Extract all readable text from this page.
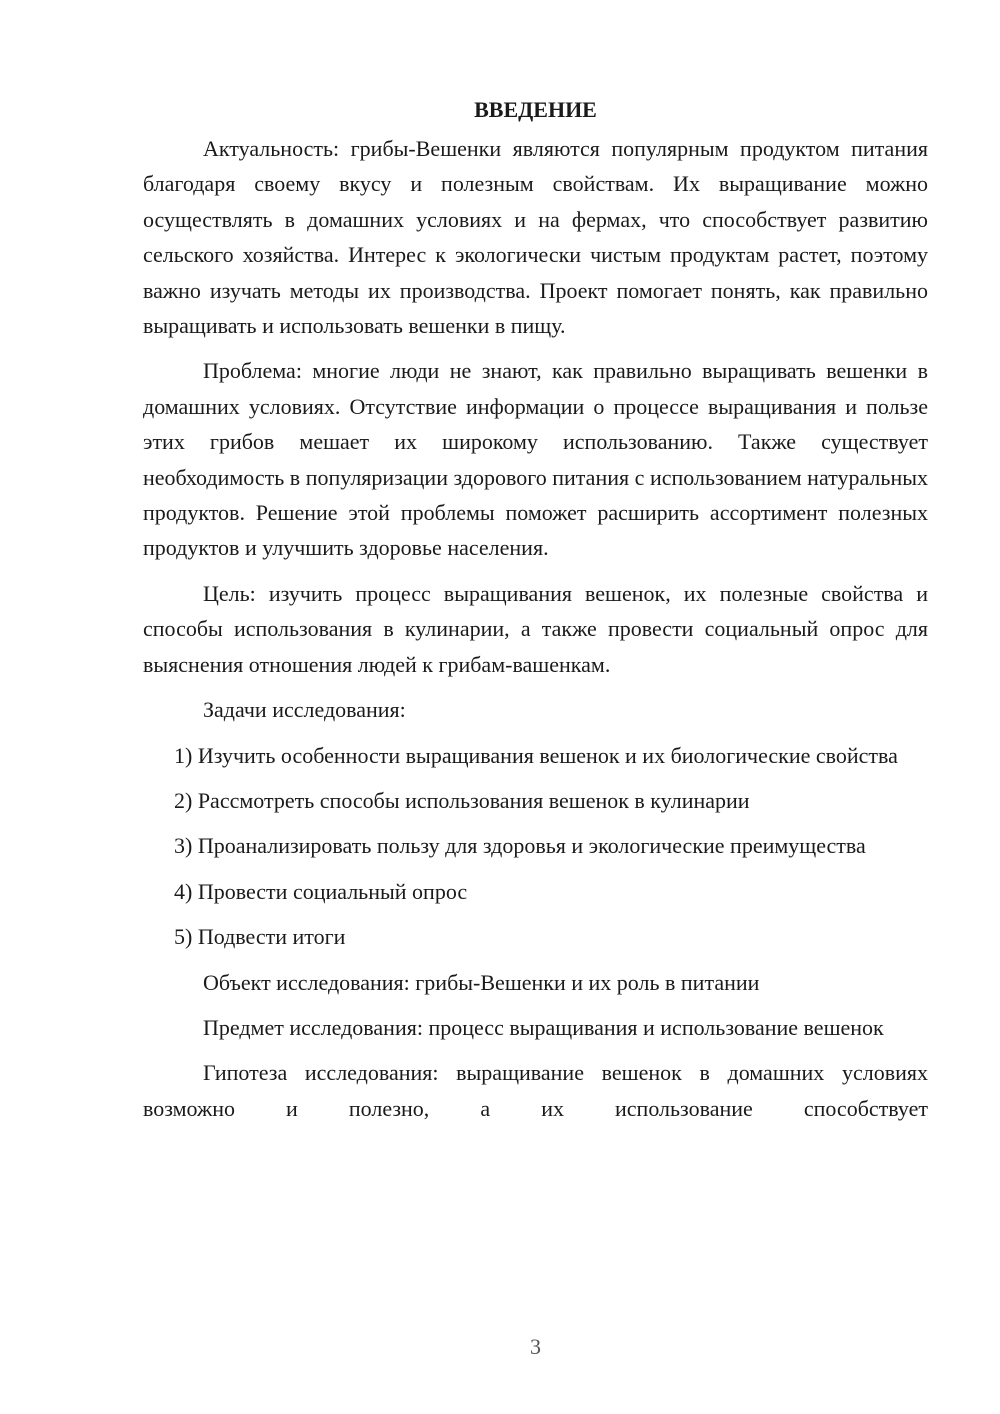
ВВЕДЕНИЕ

Актуальность: грибы-Вешенки являются популярным продуктом питания благодаря своему вкусу и полезным свойствам. Их выращивание можно осуществлять в домашних условиях и на фермах, что способствует развитию сельского хозяйства. Интерес к экологически чистым продуктам растет, поэтому важно изучать методы их производства. Проект помогает понять, как правильно выращивать и использовать вешенки в пищу.

Проблема: многие люди не знают, как правильно выращивать вешенки в домашних условиях. Отсутствие информации о процессе выращивания и пользе этих грибов мешает их широкому использованию. Также существует необходимость в популяризации здорового питания с использованием натуральных продуктов. Решение этой проблемы поможет расширить ассортимент полезных продуктов и улучшить здоровье населения.

Цель: изучить процесс выращивания вешенок, их полезные свойства и способы использования в кулинарии, а также провести социальный опрос для выяснения отношения людей к грибам-вашенкам.

Задачи исследования:

1) Изучить особенности выращивания вешенок и их биологические свойства

2) Рассмотреть способы использования вешенок в кулинарии

3) Проанализировать пользу для здоровья и экологические преимущества

4) Провести социальный опрос

5) Подвести итоги

Объект исследования: грибы-Вешенки и их роль в питании

Предмет исследования: процесс выращивания и использование вешенок

Гипотеза исследования: выращивание вешенок в домашних условиях возможно и полезно, а их использование способствует

3
